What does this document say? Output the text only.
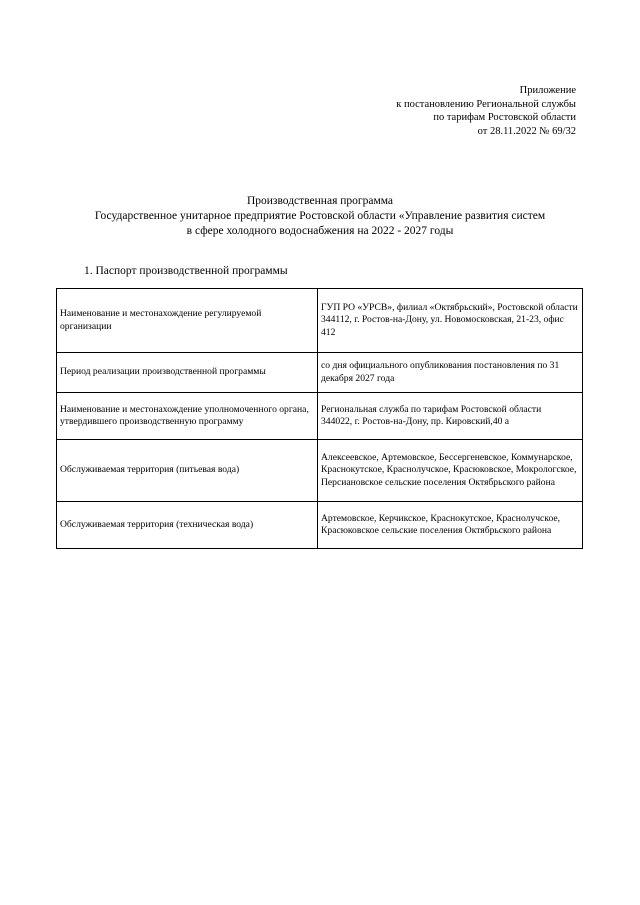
Приложение
к постановлению Региональной службы
по тарифам Ростовской области
от 28.11.2022 № 69/32
Производственная программа
Государственное унитарное предприятие Ростовской области «Управление развития систем
в сфере холодного водоснабжения на 2022 - 2027 годы
1. Паспорт производственной программы
Наименование и местонахождение регулируемой организации	ГУП РО «УРСВ», филиал «Октябрьский», Ростовской области
344112, г. Ростов-на-Дону, ул. Новомосковская, 21-23, офис 412

Период реализации производственной программы	со дня официального опубликования постановления по 31 декабря 2027 года

Наименование и местонахождение уполномоченного органа, утвердившего производственную программу	Региональная служба по тарифам Ростовской области
344022, г. Ростов-на-Дону, пр. Кировский,40 а

Обслуживаемая территория (питьевая вода)	Алексеевское, Артемовское, Бессергеневское, Коммунарское, Краснокутское, Краснолучское, Красюковское, Мокрологское, Персиановское сельские поселения Октябрьского района

Обслуживаемая территория (техническая вода)	Артемовское, Керчикское, Краснокутское, Краснолучское, Красюковское сельские поселения Октябрьского района
